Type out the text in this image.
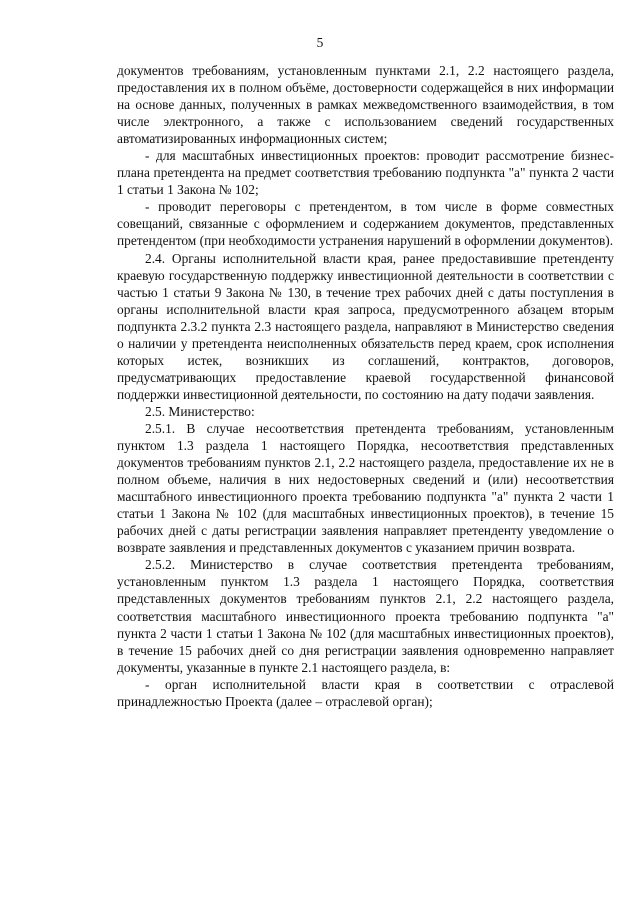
5

документов требованиям, установленным пунктами 2.1, 2.2 настоящего раздела, предоставления их в полном объёме, достоверности содержащейся в них информации на основе данных, полученных в рамках межведомственного взаимодействия, в том числе электронного, а также с использованием сведений государственных автоматизированных информационных систем;

- для масштабных инвестиционных проектов: проводит рассмотрение бизнес-плана претендента на предмет соответствия требованию подпункта "а" пункта 2 части 1 статьи 1 Закона № 102;

- проводит переговоры с претендентом, в том числе в форме совместных совещаний, связанные с оформлением и содержанием документов, представленных претендентом (при необходимости устранения нарушений в оформлении документов).

2.4. Органы исполнительной власти края, ранее предоставившие претенденту краевую государственную поддержку инвестиционной деятельности в соответствии с частью 1 статьи 9 Закона № 130, в течение трех рабочих дней с даты поступления в органы исполнительной власти края запроса, предусмотренного абзацем вторым подпункта 2.3.2 пункта 2.3 настоящего раздела, направляют в Министерство сведения о наличии у претендента неисполненных обязательств перед краем, срок исполнения которых истек, возникших из соглашений, контрактов, договоров, предусматривающих предоставление краевой государственной финансовой поддержки инвестиционной деятельности, по состоянию на дату подачи заявления.

2.5. Министерство:

2.5.1. В случае несоответствия претендента требованиям, установленным пунктом 1.3 раздела 1 настоящего Порядка, несоответствия представленных документов требованиям пунктов 2.1, 2.2 настоящего раздела, предоставление их не в полном объеме, наличия в них недостоверных сведений и (или) несоответствия масштабного инвестиционного проекта требованию подпункта "а" пункта 2 части 1 статьи 1 Закона № 102 (для масштабных инвестиционных проектов), в течение 15 рабочих дней с даты регистрации заявления направляет претенденту уведомление о возврате заявления и представленных документов с указанием причин возврата.

2.5.2. Министерство в случае соответствия претендента требованиям, установленным пунктом 1.3 раздела 1 настоящего Порядка, соответствия представленных документов требованиям пунктов 2.1, 2.2 настоящего раздела, соответствия масштабного инвестиционного проекта требованию подпункта "а" пункта 2 части 1 статьи 1 Закона № 102 (для масштабных инвестиционных проектов), в течение 15 рабочих дней со дня регистрации заявления одновременно направляет документы, указанные в пункте 2.1 настоящего раздела, в:

- орган исполнительной власти края в соответствии с отраслевой принадлежностью Проекта (далее – отраслевой орган);
